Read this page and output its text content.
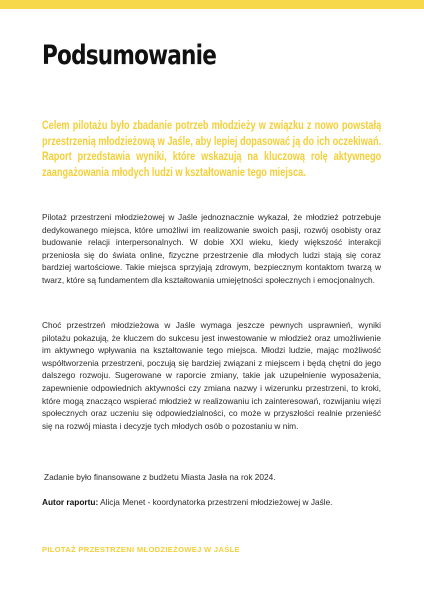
Podsumowanie

Celem pilotażu było zbadanie potrzeb młodzieży w związku z nowo powstałą przestrzenią młodzieżową w Jaśle, aby lepiej dopasować ją do ich oczekiwań. Raport przedstawia wyniki, które wskazują na kluczową rolę aktywnego zaangażowania młodych ludzi w kształtowanie tego miejsca.

Pilotaż przestrzeni młodzieżowej w Jaśle jednoznacznie wykazał, że młodzież potrzebuje dedykowanego miejsca, które umożliwi im realizowanie swoich pasji, rozwój osobisty oraz budowanie relacji interpersonalnych. W dobie XXI wieku, kiedy większość interakcji przeniosła się do świata online, fizyczne przestrzenie dla młodych ludzi stają się coraz bardziej wartościowe. Takie miejsca sprzyjają zdrowym, bezpiecznym kontaktom twarzą w twarz, które są fundamentem dla kształtowania umiejętności społecznych i emocjonalnych.

Choć przestrzeń młodzieżowa w Jaśle wymaga jeszcze pewnych usprawnień, wyniki pilotażu pokazują, że kluczem do sukcesu jest inwestowanie w młodzież oraz umożliwienie im aktywnego wpływania na kształtowanie tego miejsca. Młodzi ludzie, mając możliwość współtworzenia przestrzeni, poczują się bardziej związani z miejscem i będą chętni do jego dalszego rozwoju. Sugerowane w raporcie zmiany, takie jak uzupełnienie wyposażenia, zapewnienie odpowiednich aktywności czy zmiana nazwy i wizerunku przestrzeni, to kroki, które mogą znacząco wspierać młodzież w realizowaniu ich zainteresowań, rozwijaniu więzi społecznych oraz uczeniu się odpowiedzialności, co może w przyszłości realnie przenieść się na rozwój miasta i decyzje tych młodych osób o pozostaniu w nim.

Zadanie było finansowane z budżetu Miasta Jasła na rok 2024.

Autor raportu: Alicja Menet - koordynatorka przestrzeni młodzieżowej w Jaśle.

PILOTAŻ PRZESTRZENI MŁODZIEŻOWEJ W JAŚLE
